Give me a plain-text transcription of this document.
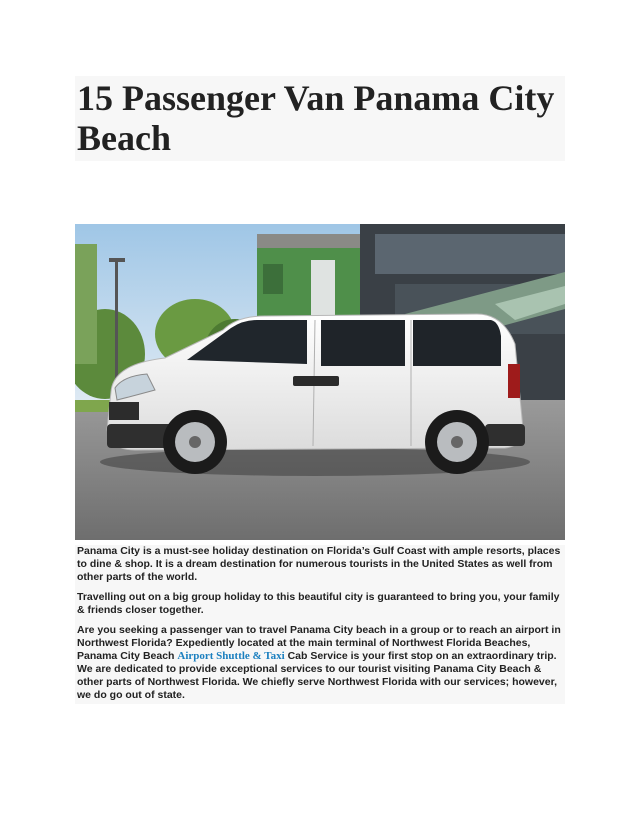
15 Passenger Van Panama City Beach

Panama City is a must-see holiday destination on Florida’s Gulf Coast with ample resorts, places to dine & shop. It is a dream destination for numerous tourists in the United States as well from other parts of the world.

Travelling out on a big group holiday to this beautiful city is guaranteed to bring you, your family & friends closer together.

Are you seeking a passenger van to travel Panama City beach in a group or to reach an airport in Northwest Florida? Expediently located at the main terminal of Northwest Florida Beaches, Panama City Beach Airport Shuttle & Taxi Cab Service is your first stop on an extraordinary trip. We are dedicated to provide exceptional services to our tourist visiting Panama City Beach & other parts of Northwest Florida. We chiefly serve Northwest Florida with our services; however, we do go out of state.
